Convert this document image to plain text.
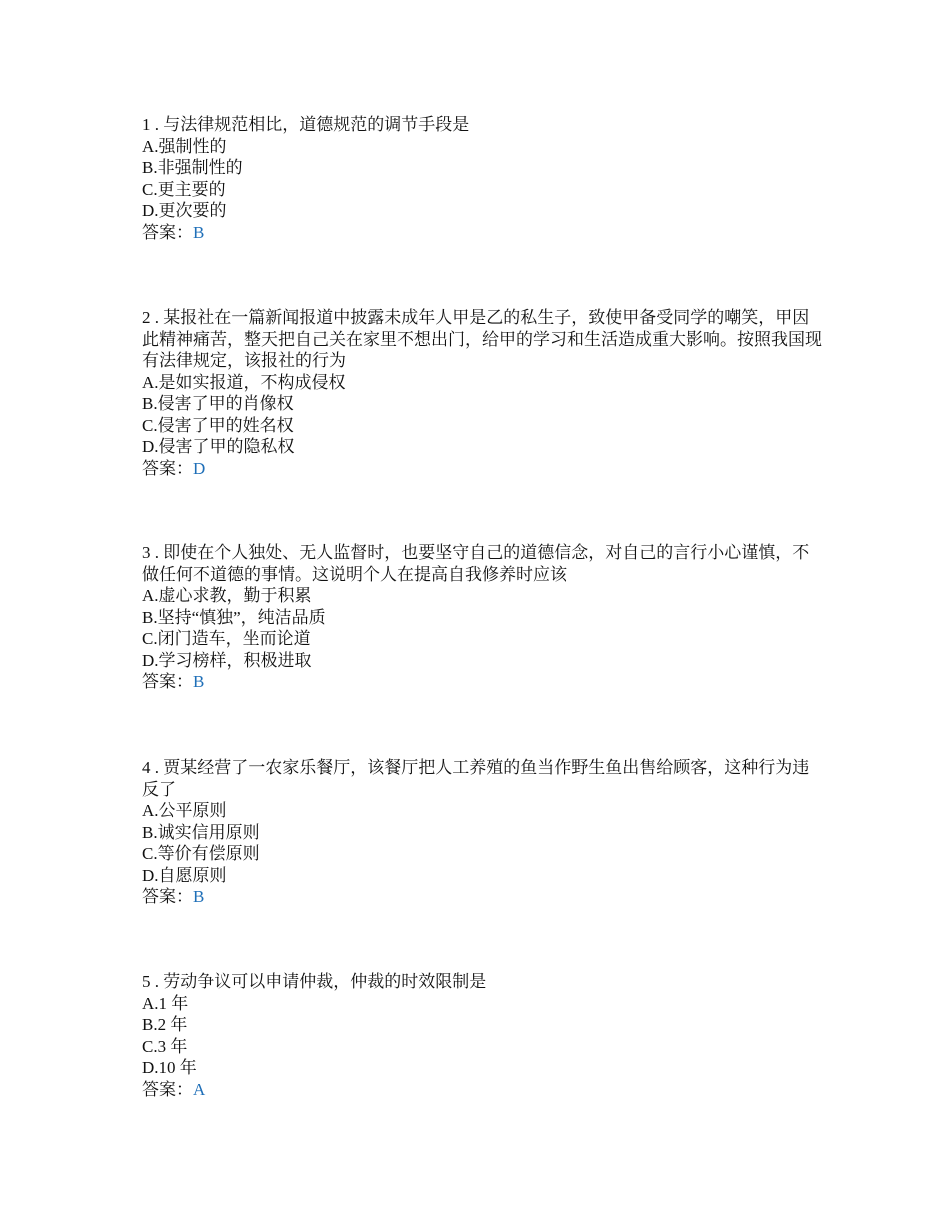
1 . 与法律规范相比，道德规范的调节手段是
A.强制性的
B.非强制性的
C.更主要的
D.更次要的
答案：B
2 . 某报社在一篇新闻报道中披露未成年人甲是乙的私生子，致使甲备受同学的嘲笑，甲因此精神痛苦，整天把自己关在家里不想出门，给甲的学习和生活造成重大影响。按照我国现有法律规定，该报社的行为
A.是如实报道，不构成侵权
B.侵害了甲的肖像权
C.侵害了甲的姓名权
D.侵害了甲的隐私权
答案：D
3 . 即使在个人独处、无人监督时，也要坚守自己的道德信念，对自己的言行小心谨慎，不做任何不道德的事情。这说明个人在提高自我修养时应该
A.虚心求教，勤于积累
B.坚持“慎独”，纯洁品质
C.闭门造车，坐而论道
D.学习榜样，积极进取
答案：B
4 . 贾某经营了一农家乐餐厅，该餐厅把人工养殖的鱼当作野生鱼出售给顾客，这种行为违反了
A.公平原则
B.诚实信用原则
C.等价有偿原则
D.自愿原则
答案：B
5 . 劳动争议可以申请仲裁，仲裁的时效限制是
A.1 年
B.2 年
C.3 年
D.10 年
答案：A
